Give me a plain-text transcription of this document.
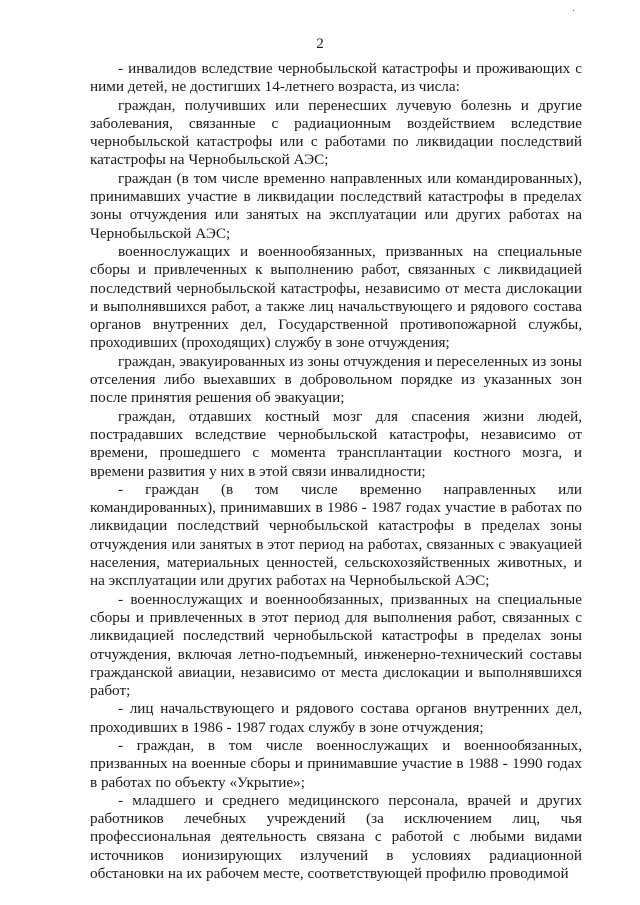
·
2

- инвалидов вследствие чернобыльской катастрофы и проживающих с ними детей, не достигших 14-летнего возраста, из числа:

граждан, получивших или перенесших лучевую болезнь и другие заболевания, связанные с радиационным воздействием вследствие чернобыльской катастрофы или с работами по ликвидации последствий катастрофы на Чернобыльской АЭС;

граждан (в том числе временно направленных или командированных), принимавших участие в ликвидации последствий катастрофы в пределах зоны отчуждения или занятых на эксплуатации или других работах на Чернобыльской АЭС;

военнослужащих и военнообязанных, призванных на специальные сборы и привлеченных к выполнению работ, связанных с ликвидацией последствий чернобыльской катастрофы, независимо от места дислокации и выполнявшихся работ, а также лиц начальствующего и рядового состава органов внутренних дел, Государственной противопожарной службы, проходивших (проходящих) службу в зоне отчуждения;

граждан, эвакуированных из зоны отчуждения и переселенных из зоны отселения либо выехавших в добровольном порядке из указанных зон после принятия решения об эвакуации;

граждан, отдавших костный мозг для спасения жизни людей, пострадавших вследствие чернобыльской катастрофы, независимо от времени, прошедшего с момента трансплантации костного мозга, и времени развития у них в этой связи инвалидности;

- граждан (в том числе временно направленных или командированных), принимавших в 1986 - 1987 годах участие в работах по ликвидации последствий чернобыльской катастрофы в пределах зоны отчуждения или занятых в этот период на работах, связанных с эвакуацией населения, материальных ценностей, сельскохозяйственных животных, и на эксплуатации или других работах на Чернобыльской АЭС;

- военнослужащих и военнообязанных, призванных на специальные сборы и привлеченных в этот период для выполнения работ, связанных с ликвидацией последствий чернобыльской катастрофы в пределах зоны отчуждения, включая летно-подъемный, инженерно-технический составы гражданской авиации, независимо от места дислокации и выполнявшихся работ;

- лиц начальствующего и рядового состава органов внутренних дел, проходивших в 1986 - 1987 годах службу в зоне отчуждения;

- граждан, в том числе военнослужащих и военнообязанных, призванных на военные сборы и принимавшие участие в 1988 - 1990 годах в работах по объекту «Укрытие»;

- младшего и среднего медицинского персонала, врачей и других работников лечебных учреждений (за исключением лиц, чья профессиональная деятельность связана с работой с любыми видами источников ионизирующих излучений в условиях радиационной обстановки на их рабочем месте, соответствующей профилю проводимой
